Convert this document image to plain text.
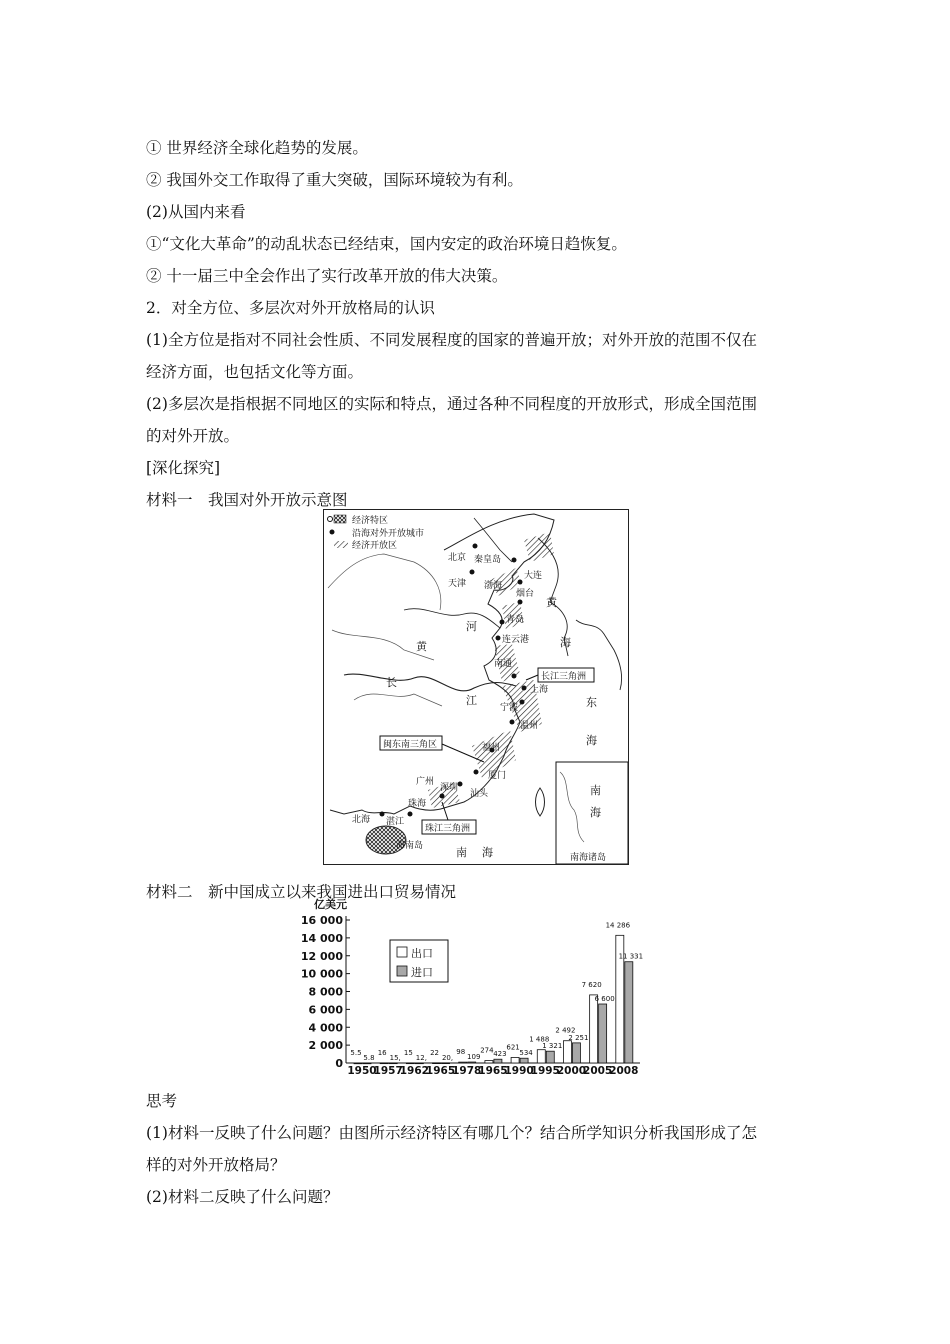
① 世界经济全球化趋势的发展。
② 我国外交工作取得了重大突破，国际环境较为有利。
(2)从国内来看
①“文化大革命”的动乱状态已经结束，国内安定的政治环境日趋恢复。
② 十一届三中全会作出了实行改革开放的伟大决策。
2．对全方位、多层次对外开放格局的认识
(1)全方位是指对不同社会性质、不同发展程度的国家的普遍开放；对外开放的范围不仅在
经济方面，也包括文化等方面。
(2)多层次是指根据不同地区的实际和特点，通过各种不同程度的开放形式，形成全国范围
的对外开放。
[深化探究]
材料一　我国对外开放示意图
经济特区
沿海对外开放城市
经济开放区
北京 秦皇岛
天津
大连
烟台
青岛
连云港
南通
上海
宁波
温州
福州
厦门
汕头
深圳
珠海
广州
湛江
北海
海南岛
长江三角洲
闽东南三角区
珠江三角洲
渤海
黄
海
河
黄
长
江	东
海
南 海
南
海
南海诸岛
材料二　新中国成立以来我国进出口贸易情况
亿美元
16 000
14 000
12 000
10 000
8 000
6 000
4 000
2 000
0
5.5
5.8
1950
16
15,
1957
15
12,
1962
22
20,
1965
98
109
1978
274 423
1965
621
534
1990
1 488
1 321
1995
2 492
2 251
2000
7 620
6 600
2005
14 286
11 331
2008
出口
进口
思考
(1)材料一反映了什么问题？由图所示经济特区有哪几个？结合所学知识分析我国形成了怎
样的对外开放格局？
(2)材料二反映了什么问题？
